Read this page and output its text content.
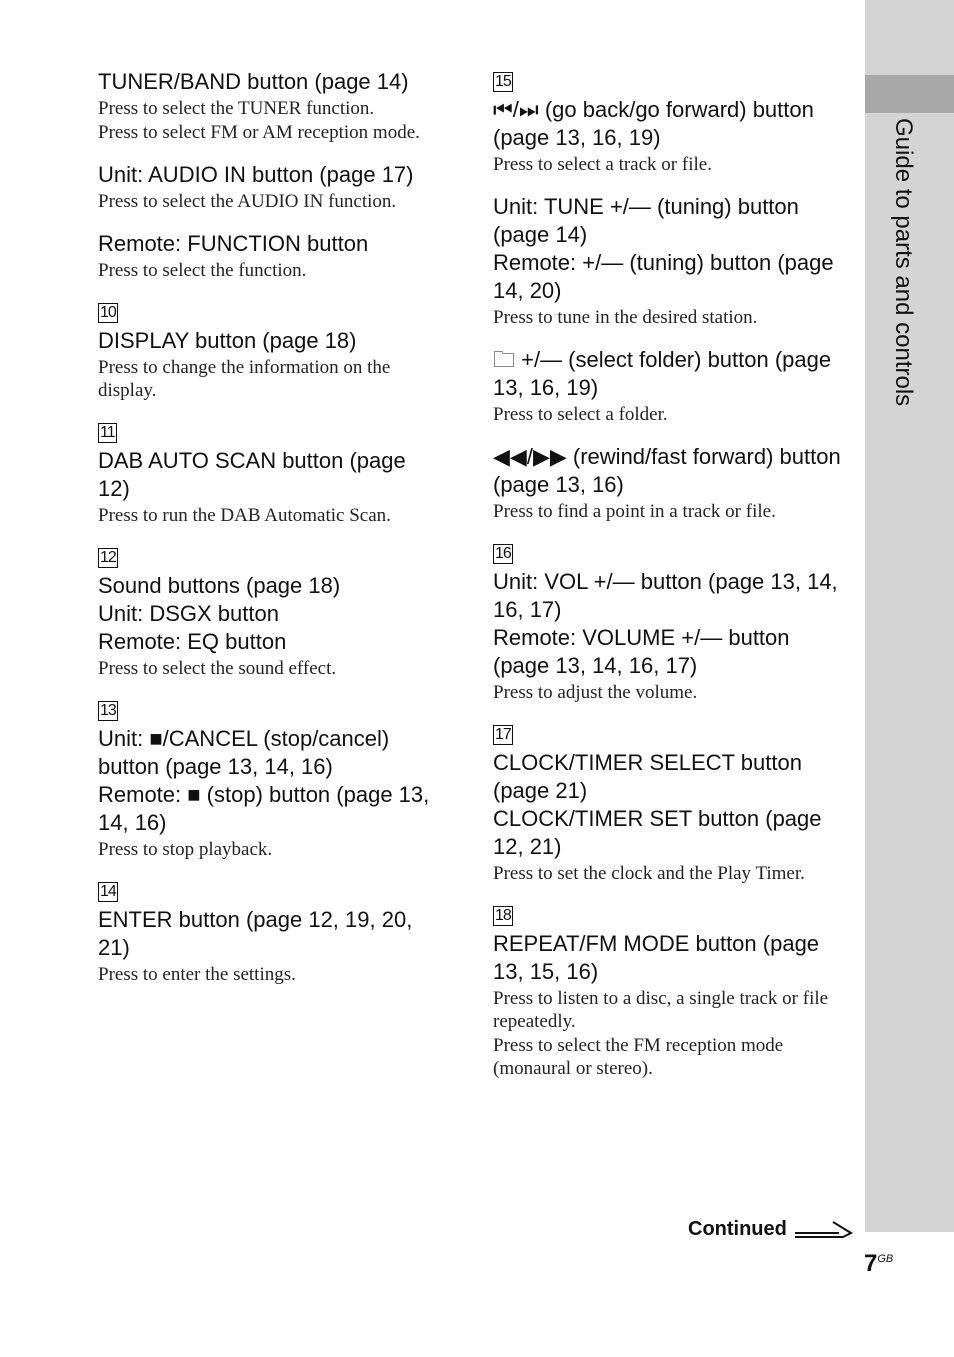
Guide to parts and controls

TUNER/BAND button (page 14)

Press to select the TUNER function.

Press to select FM or AM reception mode.

Unit: AUDIO IN button (page 17)

Press to select the AUDIO IN function.

Remote: FUNCTION button

Press to select the function.

10

DISPLAY button (page 18)

Press to change the information on the display.

11

DAB AUTO SCAN button (page 12)

Press to run the DAB Automatic Scan.

12

Sound buttons (page 18)

Unit: DSGX button

Remote: EQ button

Press to select the sound effect.

13

Unit: ■/CANCEL (stop/cancel) button (page 13, 14, 16)

Remote: ■ (stop) button (page 13, 14, 16)

Press to stop playback.

14

ENTER button (page 12, 19, 20, 21)

Press to enter the settings.

15

⏮/⏭ (go back/go forward) button (page 13, 16, 19)

Press to select a track or file.

Unit: TUNE +/— (tuning) button (page 14)

Remote: +/— (tuning) button (page 14, 20)

Press to tune in the desired station.

🗀 +/— (select folder) button (page 13, 16, 19)

Press to select a folder.

◀◀/▶▶ (rewind/fast forward) button (page 13, 16)

Press to find a point in a track or file.

16

Unit: VOL +/— button (page 13, 14, 16, 17)

Remote: VOLUME +/— button (page 13, 14, 16, 17)

Press to adjust the volume.

17

CLOCK/TIMER SELECT button (page 21)

CLOCK/TIMER SET button (page 12, 21)

Press to set the clock and the Play Timer.

18

REPEAT/FM MODE button (page 13, 15, 16)

Press to listen to a disc, a single track or file repeatedly.

Press to select the FM reception mode (monaural or stereo).

Continued
$7^{GB}$
